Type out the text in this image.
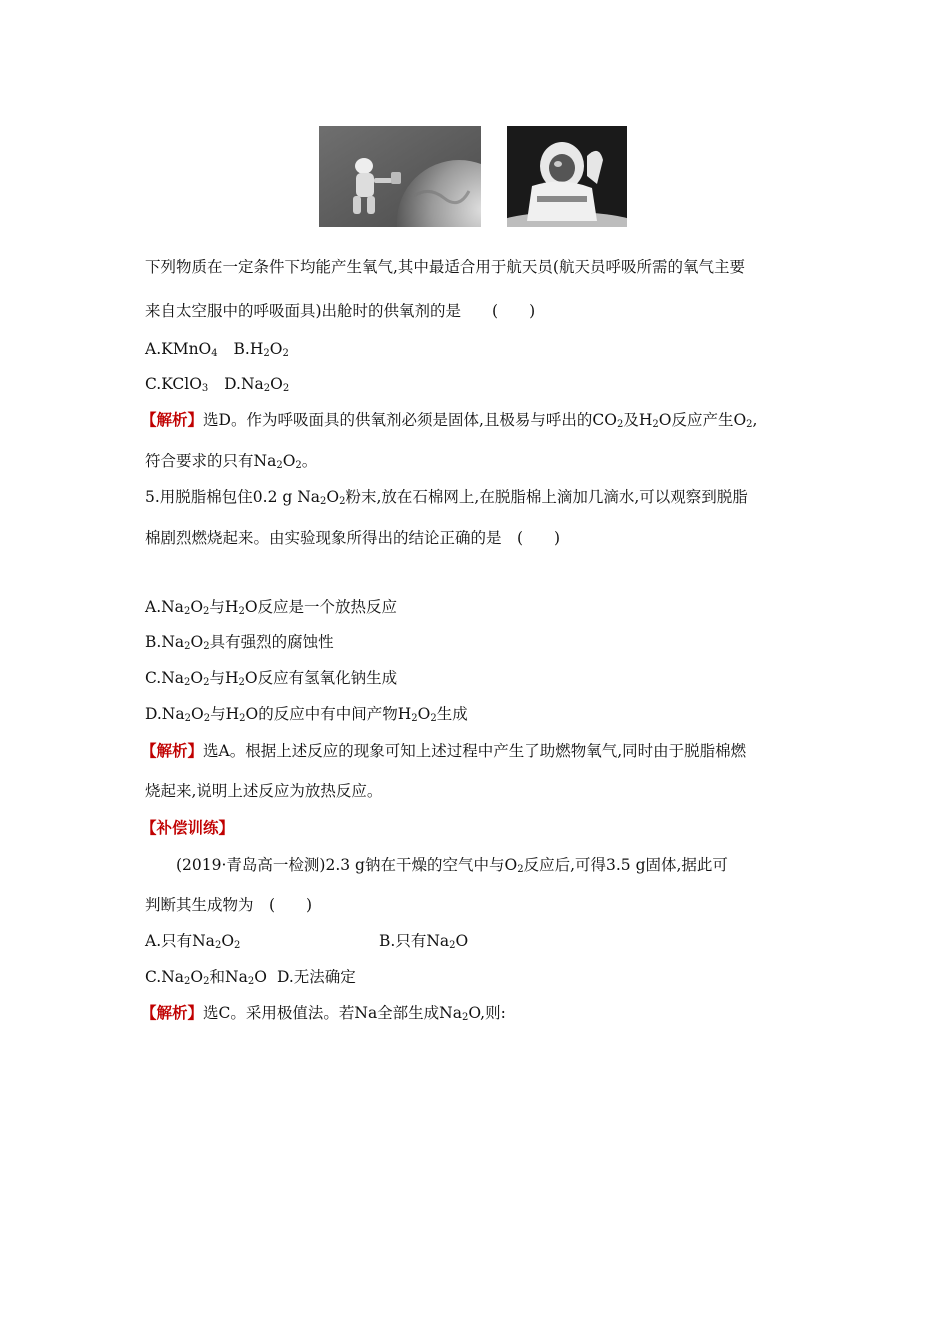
下列物质在一定条件下均能产生氧气,其中最适合用于航天员(航天员呼吸所需的氧气主要
来自太空服中的呼吸面具)出舱时的供氧剂的是　　(　　)
A.KMnO$_4$ $B.H_2O_2$
C.KClO$_3$ $D.Na_2O_2$
【解析】选D。作为呼吸面具的供氧剂必须是固体,且极易与呼出的$CO_2$及$H_2O$反应产生$O_2$,
符合要求的只有$Na_2O_2$。
5.用脱脂棉包住0.2 g $Na_2O_2$粉末,放在石棉网上,在脱脂棉上滴加几滴水,可以观察到脱脂
棉剧烈燃烧起来。由实验现象所得出的结论正确的是　(　　)
$A.Na_2O_2$与$H_2O$反应是一个放热反应
$B.Na_2O_2$具有强烈的腐蚀性
$C.Na_2O_2$与$H_2O$反应有氢氧化钠生成
$D.Na_2O_2$与$H_2O$的反应中有中间产物$H_2O_2$生成
【解析】选A。根据上述反应的现象可知上述过程中产生了助燃物氧气,同时由于脱脂棉燃
烧起来,说明上述反应为放热反应。
【补偿训练】
(2019·青岛高一检测)2.3 g钠在干燥的空气中与$O_2$反应后,可得3.5 g固体,据此可
判断其生成物为　(　　)
A.只有$Na_2O_2$	B.只有$Na_2O$
$C.Na_2O_2$和$Na_2O$ D.无法确定
【解析】选C。采用极值法。若Na全部生成$Na_2O$,则:
